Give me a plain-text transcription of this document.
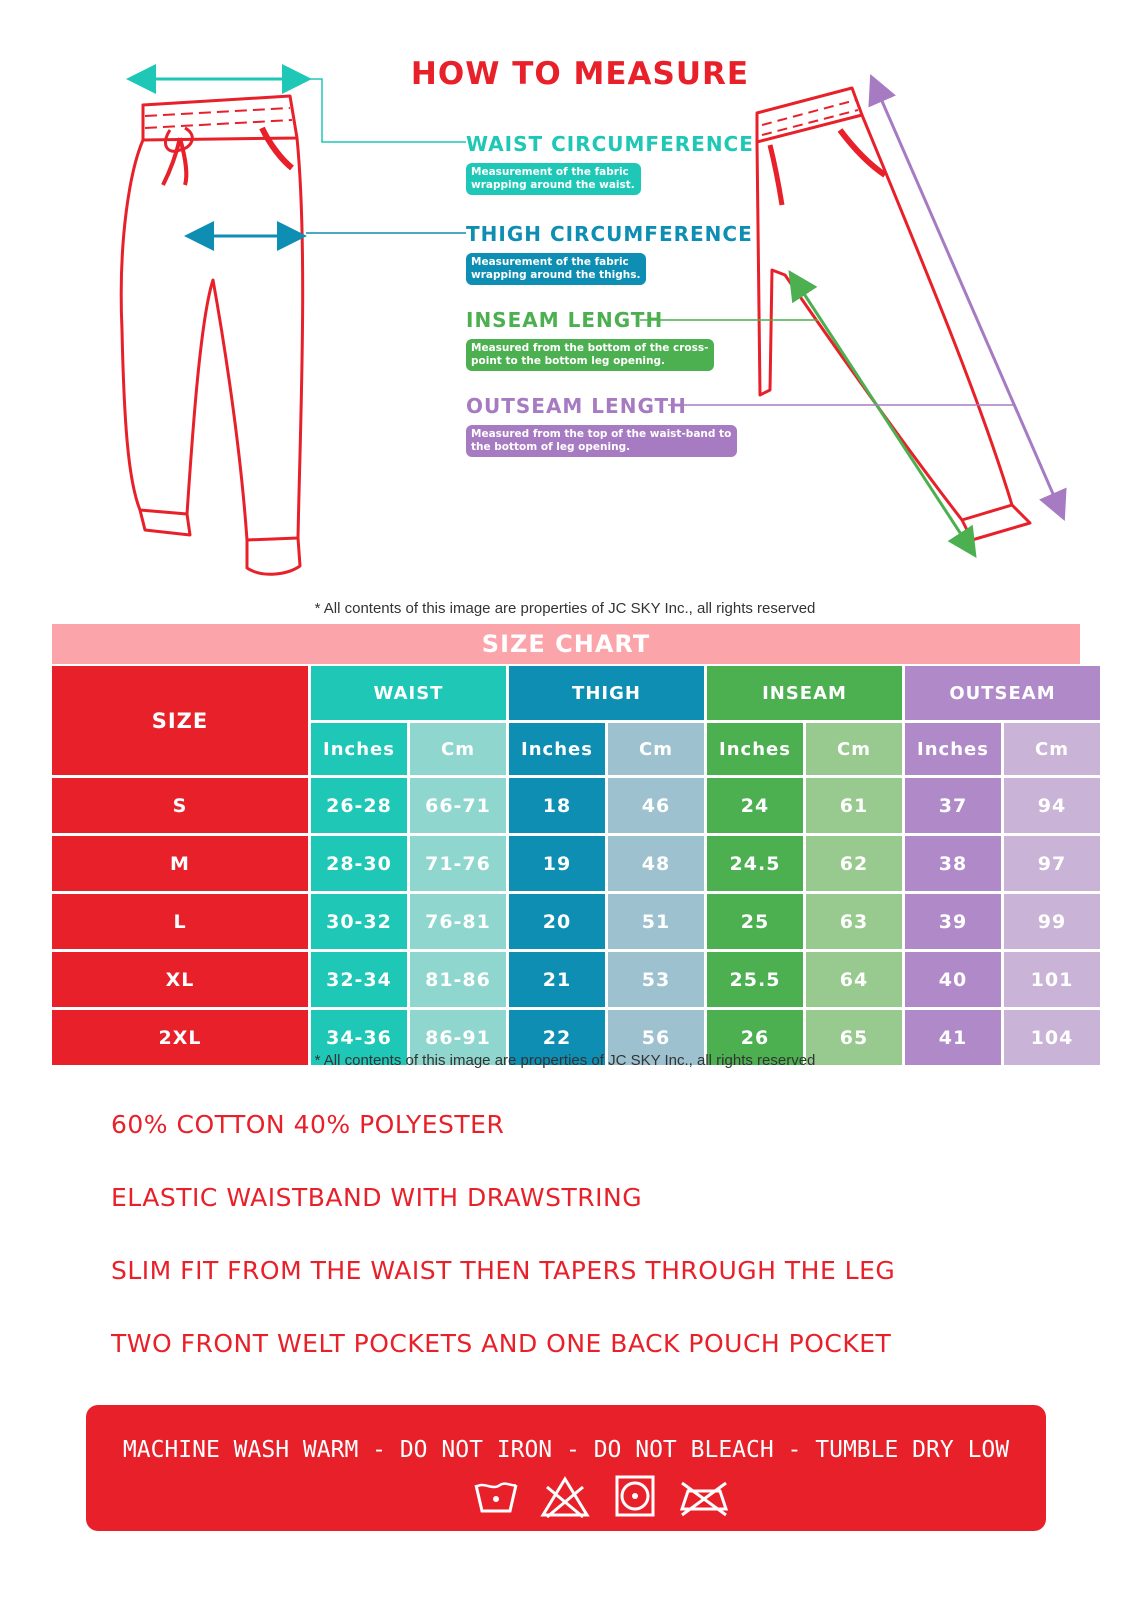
HOW TO MEASURE
WAIST CIRCUMFERENCE
Measurement of the fabric
wrapping around the waist.
THIGH CIRCUMFERENCE
Measurement of the fabric
wrapping around the thighs.
INSEAM LENGTH
Measured from the bottom of the cross-
point to the bottom leg opening.
OUTSEAM LENGTH
Measured from the top of the waist-band to
the bottom of leg opening.
* All contents of this image are properties of JC SKY Inc., all rights reserved
SIZE CHART
SIZE
WAIST	THIGH	INSEAM	OUTSEAM
Inches	Cm	Inches	Cm	Inches	Cm	Inches	Cm
S	26-28	66-71	18	46	24	61	37	94
M	28-30	71-76	19	48	24.5	62	38	97
L	30-32	76-81	20	51	25	63	39	99
XL	32-34	81-86	21	53	25.5	64	40	101
2XL	34-36	86-91	22	56	26	65	41	104
* All contents of this image are properties of JC SKY Inc., all rights reserved
60% COTTON 40% POLYESTER
ELASTIC WAISTBAND WITH DRAWSTRING
SLIM FIT FROM THE WAIST THEN TAPERS THROUGH THE LEG
TWO FRONT WELT POCKETS AND ONE BACK POUCH POCKET
MACHINE WASH WARM - DO NOT IRON - DO NOT BLEACH - TUMBLE DRY LOW
